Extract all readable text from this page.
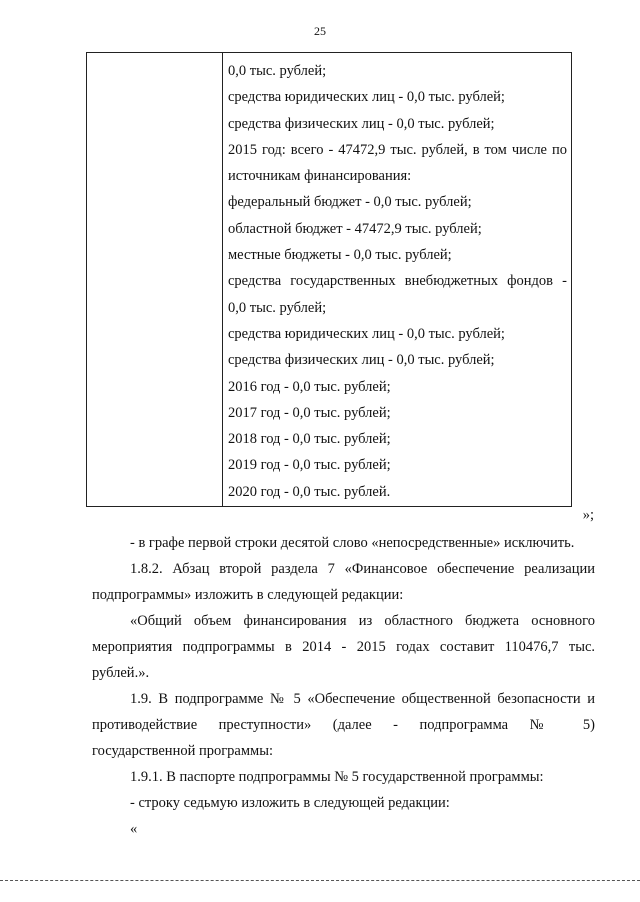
25
0,0 тыс. рублей;
средства юридических лиц - 0,0 тыс. рублей;
средства физических лиц - 0,0 тыс. рублей;
2015 год: всего - 47472,9 тыс. рублей, в том числе по
источникам финансирования:
федеральный бюджет - 0,0 тыс. рублей;
областной бюджет - 47472,9 тыс. рублей;
местные бюджеты - 0,0 тыс. рублей;
средства государственных внебюджетных фондов -
0,0 тыс. рублей;
средства юридических лиц - 0,0 тыс. рублей;
средства физических лиц - 0,0 тыс. рублей;
2016 год - 0,0 тыс. рублей;
2017 год - 0,0 тыс. рублей;
2018 год - 0,0 тыс. рублей;
2019 год - 0,0 тыс. рублей;
2020 год - 0,0 тыс. рублей.
»;
- в графе первой строки десятой слово «непосредственные» исключить.
1.8.2. Абзац второй раздела 7 «Финансовое обеспечение реализации
подпрограммы» изложить в следующей редакции:
«Общий объем финансирования из областного бюджета основного
мероприятия подпрограммы в 2014 - 2015 годах составит 110476,7 тыс.
рублей.».
1.9. В подпрограмме № 5 «Обеспечение общественной безопасности и
противодействие преступности» (далее - подпрограмма № 5)
государственной программы:
1.9.1. В паспорте подпрограммы № 5 государственной программы:
- строку седьмую изложить в следующей редакции:
«
